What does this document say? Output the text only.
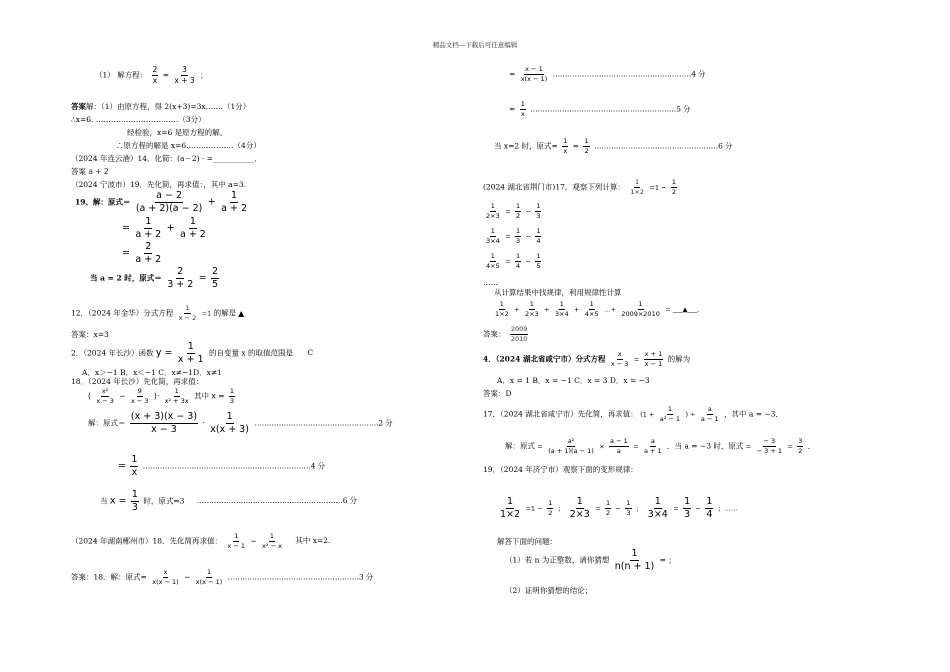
精品文档---下载后可任意编辑
（1） 解方程： $\frac{2}{x} = \frac{3}{x + 3}$ ；
答案解：（1）由原方程，得 2(x+3)=3x,……（1分）
∴x=6. ……………………………（3分）
经检验，x=6 是原方程的解。
∴原方程的解是 x=6.………………（4分）
（2024 年连云港）14．化简：(a－2) · =___________．
答案 a + 2
（2024 宁波市）19．先化简，再求值：，其中 a=3.
19、解：原式＝ $\frac{a - 2}{(a + 2)(a - 2)} + \frac{1}{a + 2}$
= $\frac{1}{a + 2} + \frac{1}{a + 2}$
= $\frac{2}{a + 2}$
当 a = 2 时，原式＝ $\frac{2}{3 + 2} = \frac{2}{5}$
12．（2024 年金华）分式方程 $\frac{1}{x - 2} =1$ 的解是 ▲
答案：x=3
2．（2024 年长沙）函数 $y = \frac{1}{x + 1}$ 的自变量 x 的取值范围是 C
A．x＞−1 B．x＜−1 C．x≠−1D．x≠1
18．（2024 年长沙）先化简，再求值：
( $\frac{\text{x²}}{x - 3} - \frac{9}{x - 3}$ )· $\frac{1}{\text{x² + 3x}}$ 其中 $x = \frac{1}{3}$
解：原式＝ $\frac{(x + 3)(x - 3)}{x - 3} \cdot \frac{1}{x(x + 3)}$ ……………………………………………2 分
= $\frac{1}{x}$ ……………………………………………………………4 分
当 $x = \frac{1}{3}$ 时，原式=3 ……………………………………………………6 分
（2024 年湖南郴州市）18．先化简再求值： $\frac{1}{x - 1} - \frac{1}{\text{x² − x}}$ 其中 x=2.
答案：18．解：原式= $\frac{x}{x(x - 1)} - \frac{1}{x(x - 1)}$ ………………………………………………3 分
= $\frac{x - 1}{x(x - 1)}$ …………………………………………………4 分
= $\frac{1}{x}$ ……………………………………………………5 分
当 x=2 时，原式= $\frac{1}{x} = \frac{1}{2}$ ……………………………………………6 分
(2024 湖北省荆门市)17．观察下列计算： $\frac{1}{1\times 2} =1 - \frac{1}{2}$
$\frac{1}{2\times 3} = \frac{1}{2} - \frac{1}{3}$
$\frac{1}{3\times 4} = \frac{1}{3} - \frac{1}{4}$
$\frac{1}{4\times 5} = \frac{1}{4} - \frac{1}{5}$
……
从计算结果中找规律，利用规律性计算
$\frac{1}{1\times 2} + \frac{1}{2\times 3} + \frac{1}{3\times 4} + \frac{1}{4\times 5}$ …+ $\frac{1}{2009\times 2010}$ = ___▲___．
答案： $\frac{2009}{2010}$
4．（2024 湖北省咸宁市）分式方程 $\frac{x}{x - 3} = \frac{x + 1}{x - 1}$ 的解为
A．x = 1 B．x = −1 C．x = 3 D．x = −3
答案：D
17．（2024 湖北省咸宁市）先化简，再求值： ($1 + \frac{1}{\text{a² − 1}}$ ) ÷ $\frac{a}{a - 1}$ ，其中 a = −3．
解：原式 = $\frac{\text{a²}}{(a + 1)(a - 1)} \times \frac{a - 1}{a} = \frac{a}{a + 1}$ ．当 a = −3 时，原式 = $\frac{- 3}{- 3 + 1} = \frac{3}{2}$ ．
19．（2024 年济宁市）观察下面的变形规律：
$\frac{1}{1\times 2} =1 - \frac{1}{2}$ ； $\frac{1}{2\times 3} = \frac{1}{2} - \frac{1}{3}$ ； $\frac{1}{3\times 4} = \frac{1}{3} - \frac{1}{4}$ ；……
解答下面的问题：
（1）若 n 为正整数，请你猜想 $\frac{1}{n(n + 1)}$ = ；
（2）证明你猜想的结论；
